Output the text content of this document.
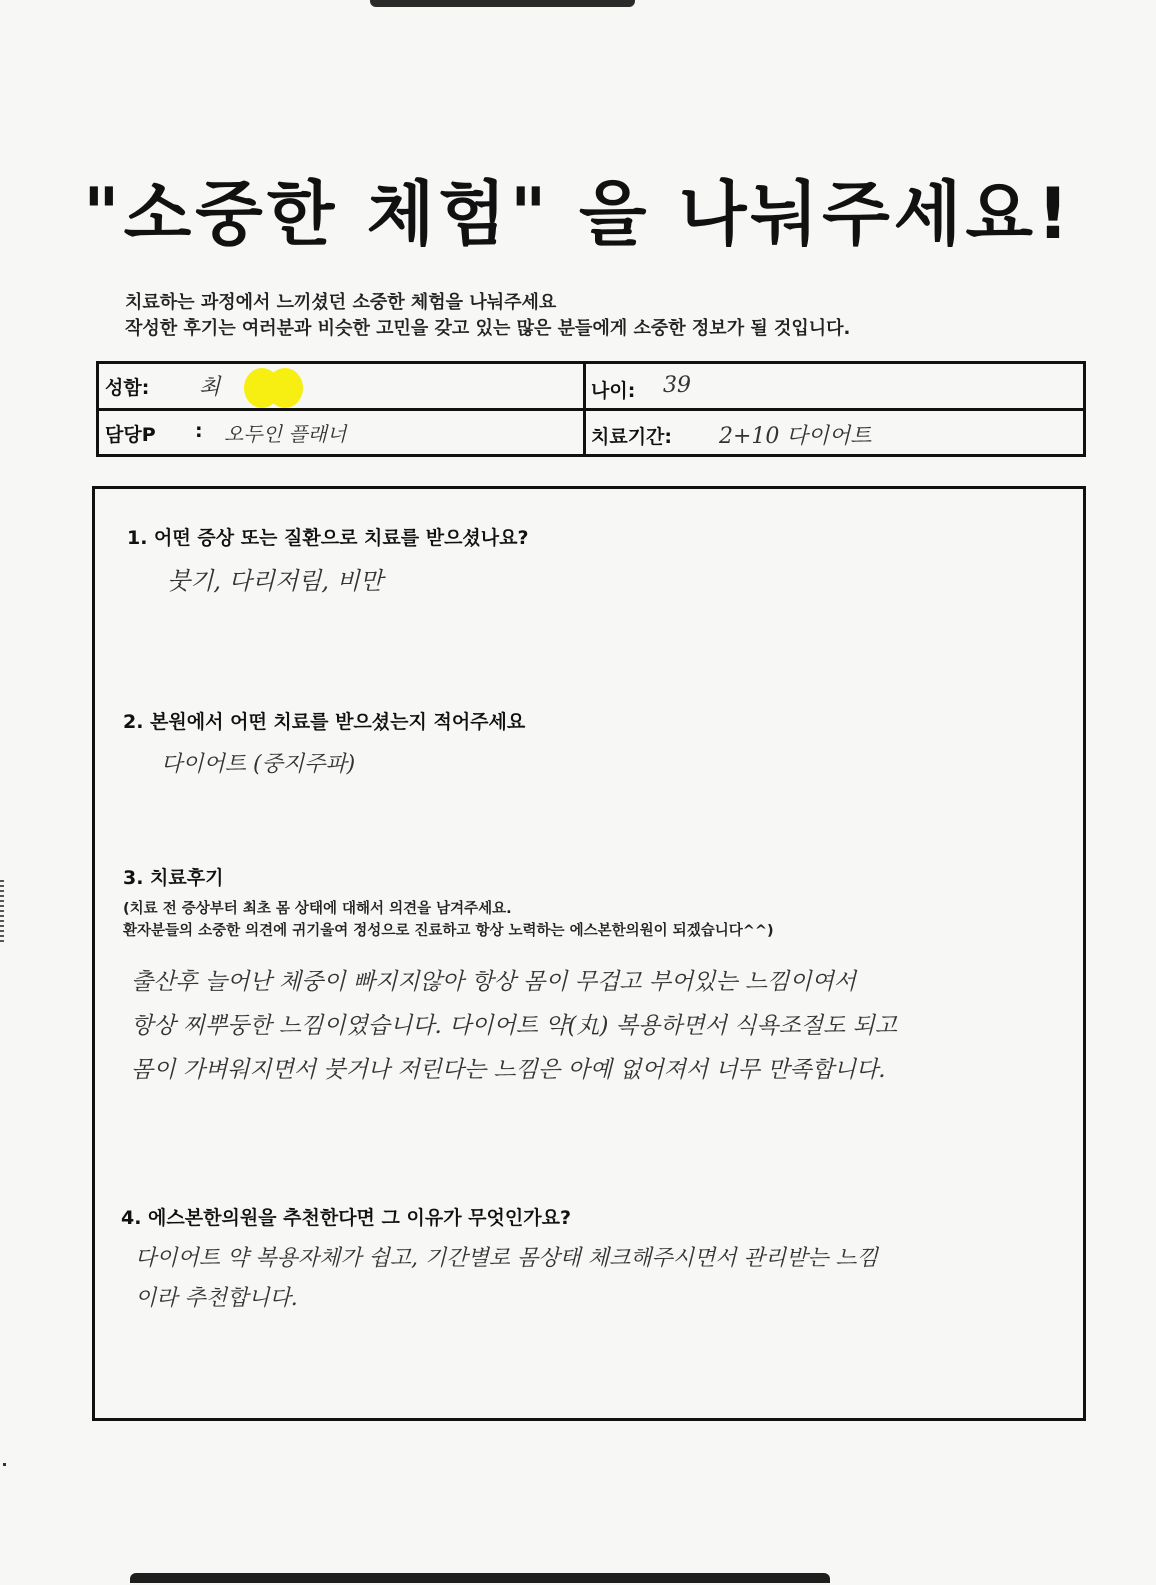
"소중한 체험" 을 나눠주세요!
치료하는 과정에서 느끼셨던 소중한 체험을 나눠주세요
작성한 후기는 여러분과 비슷한 고민을 갖고 있는 많은 분들에게 소중한 정보가 될 것입니다.
성함: 최	나이: 39
담당P : 오두인 플래너	치료기간: 2+10 다이어트
1. 어떤 증상 또는 질환으로 치료를 받으셨나요?
붓기, 다리저림, 비만
2. 본원에서 어떤 치료를 받으셨는지 적어주세요
다이어트 (중지주파)
3. 치료후기
(치료 전 증상부터 최초 몸 상태에 대해서 의견을 남겨주세요.
환자분들의 소중한 의견에 귀기울여 정성으로 진료하고 항상 노력하는 에스본한의원이 되겠습니다^^)
출산후 늘어난 체중이 빠지지않아 항상 몸이 무겁고 부어있는 느낌이여서
항상 찌뿌둥한 느낌이였습니다. 다이어트 약(丸) 복용하면서 식욕조절도 되고
몸이 가벼워지면서 붓거나 저린다는 느낌은 아예 없어져서 너무 만족합니다.
4. 에스본한의원을 추천한다면 그 이유가 무엇인가요?
다이어트 약 복용자체가 쉽고, 기간별로 몸상태 체크해주시면서 관리받는 느낌
이라 추천합니다.
